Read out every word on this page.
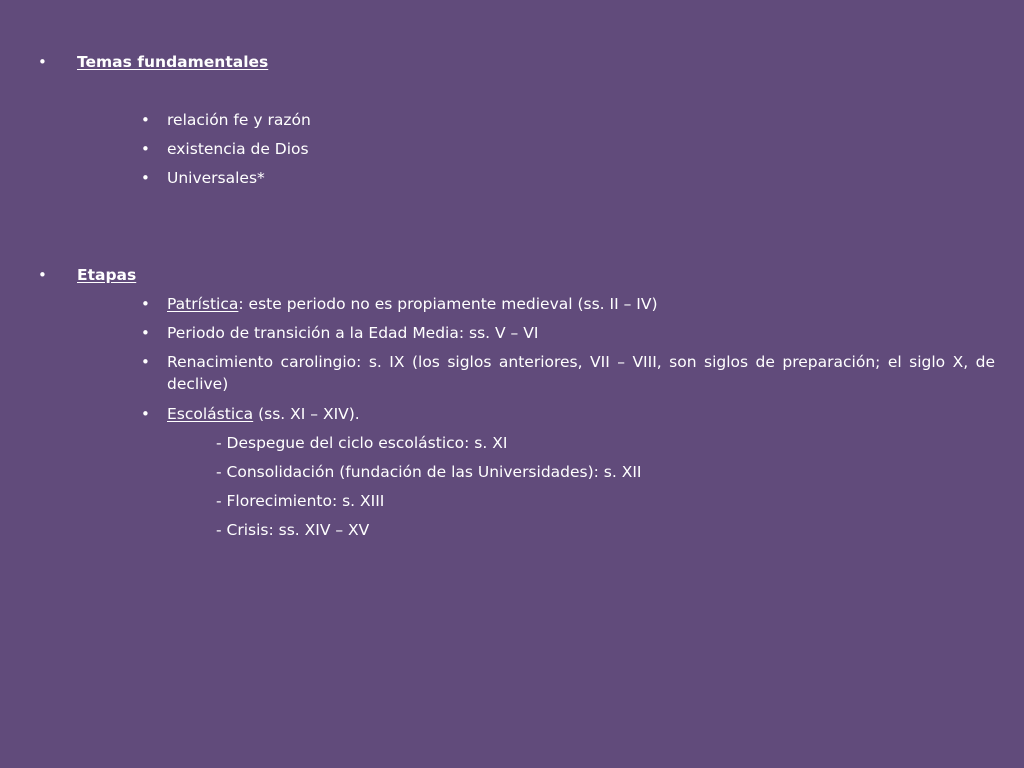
• Temas fundamentales
• relación fe y razón
• existencia de Dios
• Universales*
• Etapas
• Patrística: este periodo no es propiamente medieval (ss. II – IV)
• Periodo de transición a la Edad Media: ss. V – VI
• Renacimiento carolingio: s. IX (los siglos anteriores, VII – VIII, son siglos de preparación; el siglo X, de declive)
• Escolástica (ss. XI – XIV).
- Despegue del ciclo escolástico: s. XI
- Consolidación (fundación de las Universidades): s. XII
- Florecimiento: s. XIII
- Crisis: ss. XIV – XV
